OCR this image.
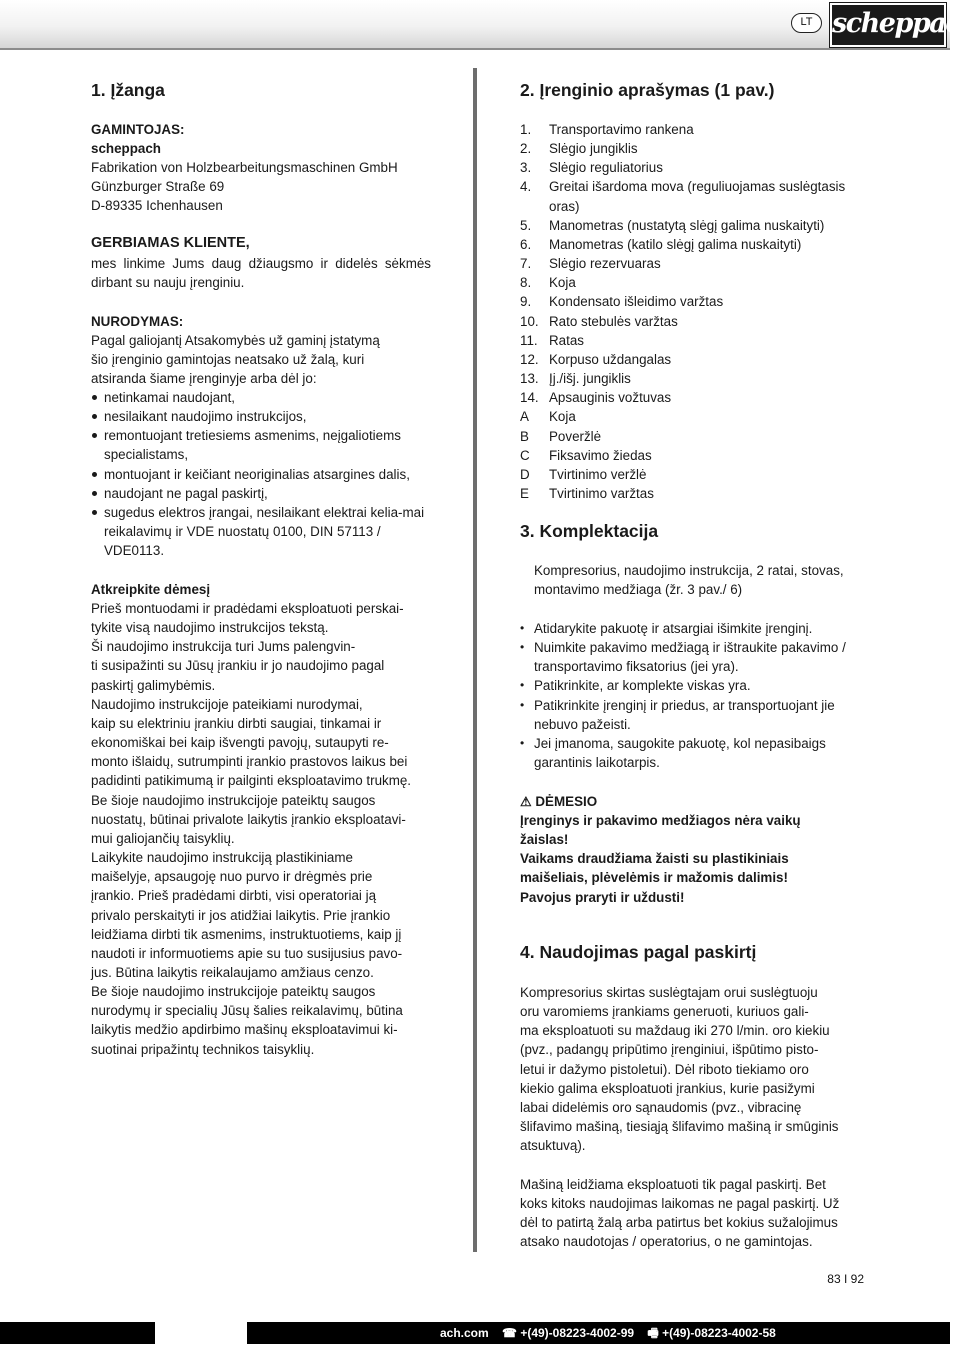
LT scheppach
1. Įžanga
GAMINTOJAS:
scheppach
Fabrikation von Holzbearbeitungsmaschinen GmbH
Günzburger Straße 69
D-89335 Ichenhausen
GERBIAMAS KLIENTE,
mes linkime Jums daug džiaugsmo ir didelės sėkmės dirbant su nauju įrenginiu.
NURODYMAS:
Pagal galiojantį Atsakomybės už gaminį įstatymą šio įrenginio gamintojas neatsako už žalą, kuri atsiranda šiame įrenginyje arba dėl jo:
netinkamai naudojant,
nesilaikant naudojimo instrukcijos,
remontuojant tretiesiems asmenims, neįgaliotiems specialistams,
montuojant ir keičiant neoriginalias atsargines dalis,
naudojant ne pagal paskirtį,
sugedus elektros įrangai, nesilaikant elektrai kelia-mai reikalavimų ir VDE nuostatų 0100, DIN 57113 / VDE0113.
Atkreipkite dėmesį
Prieš montuodami ir pradėdami eksploatuoti perskai-
tykite visą naudojimo instrukcijos tekstą.
Ši naudojimo instrukcija turi Jums palengvin-
ti susipažinti su Jūsų įrankiu ir jo naudojimo pagal
paskirtį galimybėmis.
Naudojimo instrukcijoje pateikiami nurodymai,
kaip su elektriniu įrankiu dirbti saugiai, tinkamai ir
ekonomiškai bei kaip išvengti pavojų, sutaupyti re-
monto išlaidų, sutrumpinti įrankio prastovos laikus bei
padidinti patikimumą ir pailginti eksploatavimo trukmę.
Be šioje naudojimo instrukcijoje pateiktų saugos
nuostatų, būtinai privalote laikytis įrankio eksploatavi-
mui galiojančių taisyklių.
Laikykite naudojimo instrukciją plastikiniame
maišelyje, apsaugoję nuo purvo ir drėgmės prie
įrankio. Prieš pradėdami dirbti, visi operatoriai ją
privalo perskaityti ir jos atidžiai laikytis. Prie įrankio
leidžiama dirbti tik asmenims, instruktuotiems, kaip jį
naudoti ir informuotiems apie su tuo susijusius pavo-
jus. Būtina laikytis reikalaujamo amžiaus cenzo.
Be šioje naudojimo instrukcijoje pateiktų saugos
nurodymų ir specialių Jūsų šalies reikalavimų, būtina
laikytis medžio apdirbimo mašinų eksploatavimui ki-
suotinai pripažintų technikos taisyklių.
2. Įrenginio aprašymas (1 pav.)
1. Transportavimo rankena
2. Slėgio jungiklis
3. Slėgio reguliatorius
4. Greitai išardoma mova (reguliuojamas suslėgtasis oras)
5. Manometras (nustatytą slėgį galima nuskaityti)
6. Manometras (katilo slėgį galima nuskaityti)
7. Slėgio rezervuaras
8. Koja
9. Kondensato išleidimo varžtas
10. Rato stebulės varžtas
11. Ratas
12. Korpuso uždangalas
13. Įj./išj. jungiklis
14. Apsauginis vožtuvas
A Koja
B Poveržlė
C Fiksavimo žiedas
D Tvirtinimo veržlė
E Tvirtinimo varžtas
3. Komplektacija
Kompresorius, naudojimo instrukcija, 2 ratai, stovas, montavimo medžiaga (žr. 3 pav./ 6)
• Atidarykite pakuotę ir atsargiai išimkite įrenginį.
• Nuimkite pakavimo medžiagą ir ištraukite pakavimo / transportavimo fiksatorius (jei yra).
• Patikrinkite, ar komplekte viskas yra.
• Patikrinkite įrenginį ir priedus, ar transportuojant jie nebuvo pažeisti.
• Jei įmanoma, saugokite pakuotę, kol nepasibaigs garantinis laikotarpis.
⚠ DĖMESIO
Įrenginys ir pakavimo medžiagos nėra vaikų
žaislas!
Vaikams draudžiama žaisti su plastikiniais
maišeliais, plėvelėmis ir mažomis dalimis!
Pavojus praryti ir uždusti!
4. Naudojimas pagal paskirtį
Kompresorius skirtas suslėgtajam orui suslėgtuoju
oru varomiems įrankiams generuoti, kuriuos gali-
ma eksploatuoti su maždaug iki 270 l/min. oro kiekiu
(pvz., padangų pripūtimo įrenginiui, išpūtimo pisto-
letui ir dažymo pistoletui). Dėl riboto tiekiamo oro
kiekio galima eksploatuoti įrankius, kurie pasižymi
labai didelėmis oro sąnaudomis (pvz., vibracinę
šlifavimo mašiną, tiesiąją šlifavimo mašiną ir smūginis
atsuktuvą).
Mašiną leidžiama eksploatuoti tik pagal paskirtį. Bet
koks kitoks naudojimas laikomas ne pagal paskirtį. Už
dėl to patirtą žalą arba patirtus bet kokius sužalojimus
atsako naudotojas / operatorius, o ne gamintojas.
83 I 92
ach.com ☎ +(49)-08223-4002-99 🖷 +(49)-08223-4002-58
